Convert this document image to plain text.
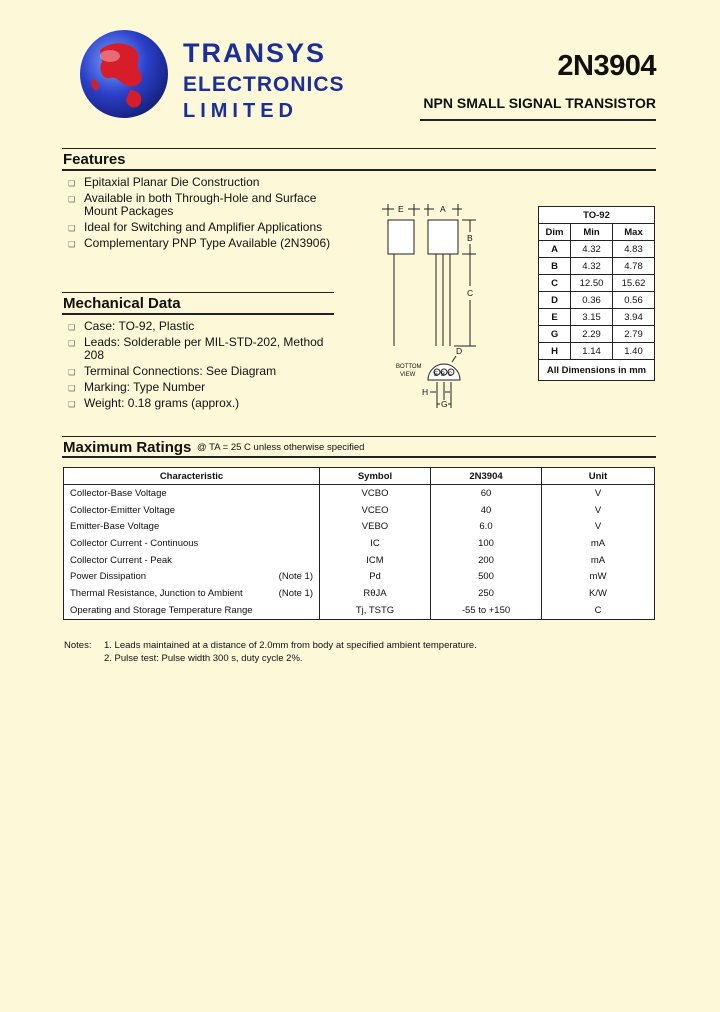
TRANSYS
ELECTRONICS
LIMITED
2N3904
NPN SMALL SIGNAL TRANSISTOR
Features
❑ Epitaxial Planar Die Construction
❑ Available in both Through-Hole and Surface Mount Packages
❑ Ideal for Switching and Amplifier Applications
❑ Complementary PNP Type Available (2N3906)
Mechanical Data
❑ Case: TO-92, Plastic
❑ Leads: Solderable per MIL-STD-202, Method 208
❑ Terminal Connections: See Diagram
❑ Marking: Type Number
❑ Weight: 0.18 grams (approx.)
E	A
B
C
D
H
G
E B C
BOTTOM
VIEW
TO-92		
Dim	Min	Max
A	4.32	4.83
B	4.32	4.78
C	12.50	15.62
D	0.36	0.56
E	3.15	3.94
G	2.29	2.79
H	1.14	1.40
All Dimensions in mm		
Maximum Ratings @ TA = 25 C unless otherwise specified
Characteristic	Symbol	2N3904	Unit
Collector-Base Voltage	VCBO	60	V
Collector-Emitter Voltage	VCEO	40	V
Emitter-Base Voltage	VEBO	6.0	V
Collector Current - Continuous	IC	100	mA
Collector Current - Peak	ICM	200	mA
Power Dissipation (Note 1)	Pd	500	mW
Thermal Resistance, Junction to Ambient (Note 1)	RθJA	250	K/W
Operating and Storage Temperature Range	Tj, TSTG	-55 to +150	C
Notes: 1. Leads maintained at a distance of 2.0mm from body at specified ambient temperature.
2. Pulse test: Pulse width 300 s, duty cycle 2%.
